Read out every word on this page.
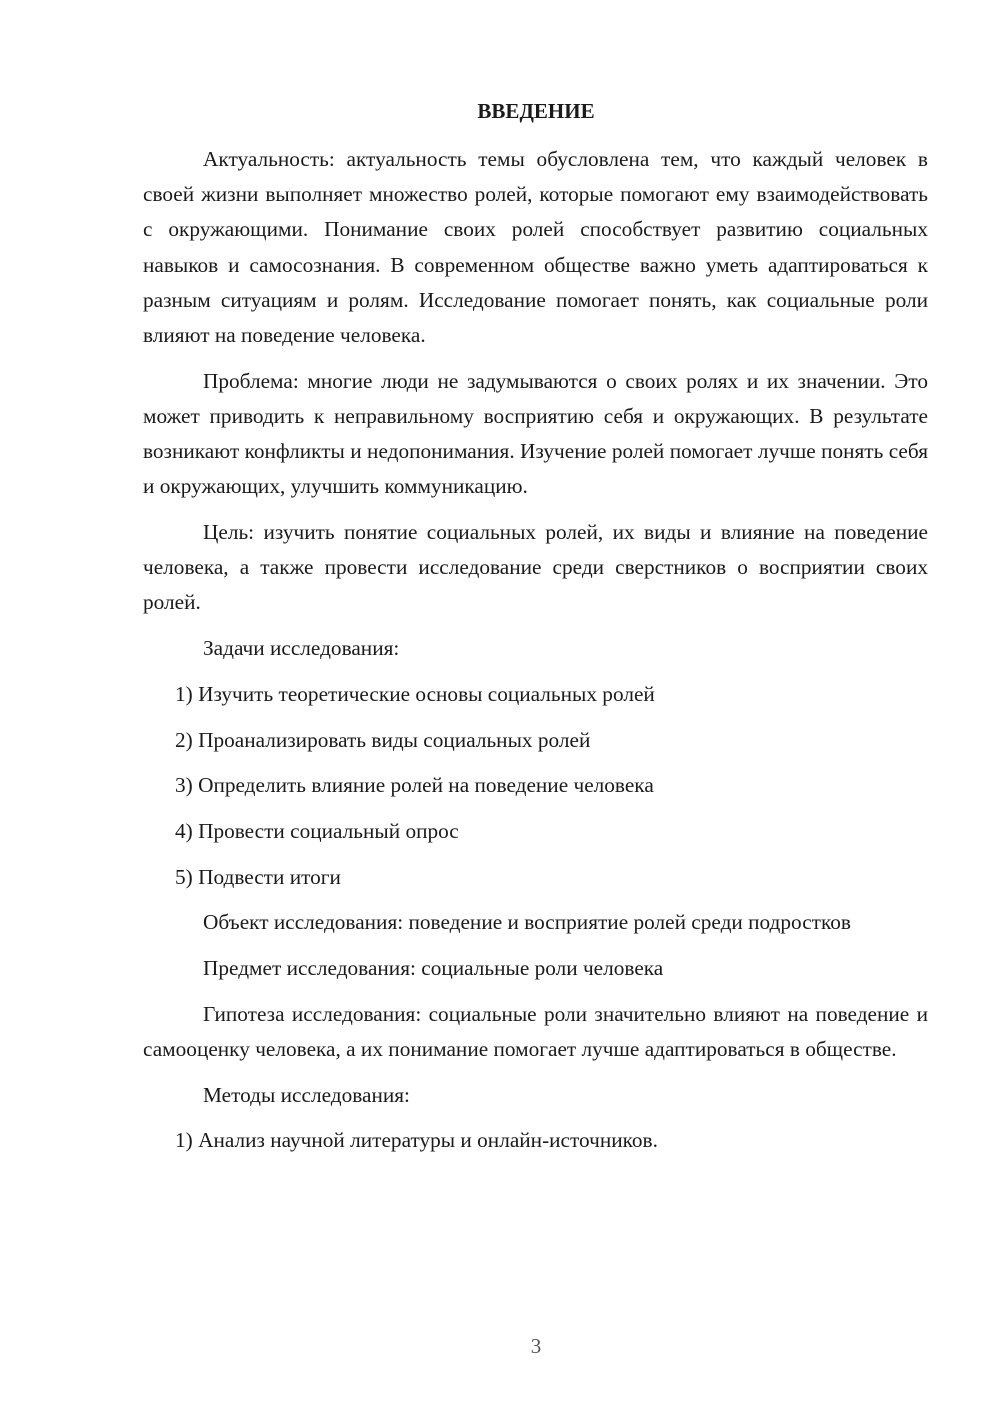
ВВЕДЕНИЕ

Актуальность: актуальность темы обусловлена тем, что каждый человек в своей жизни выполняет множество ролей, которые помогают ему взаимодействовать с окружающими. Понимание своих ролей способствует развитию социальных навыков и самосознания. В современном обществе важно уметь адаптироваться к разным ситуациям и ролям. Исследование помогает понять, как социальные роли влияют на поведение человека.

Проблема: многие люди не задумываются о своих ролях и их значении. Это может приводить к неправильному восприятию себя и окружающих. В результате возникают конфликты и недопонимания. Изучение ролей помогает лучше понять себя и окружающих, улучшить коммуникацию.

Цель: изучить понятие социальных ролей, их виды и влияние на поведение человека, а также провести исследование среди сверстников о восприятии своих ролей.

Задачи исследования:

1) Изучить теоретические основы социальных ролей

2) Проанализировать виды социальных ролей

3) Определить влияние ролей на поведение человека

4) Провести социальный опрос

5) Подвести итоги

Объект исследования: поведение и восприятие ролей среди подростков

Предмет исследования: социальные роли человека

Гипотеза исследования: социальные роли значительно влияют на поведение и самооценку человека, а их понимание помогает лучше адаптироваться в обществе.

Методы исследования:

1) Анализ научной литературы и онлайн-источников.

3
